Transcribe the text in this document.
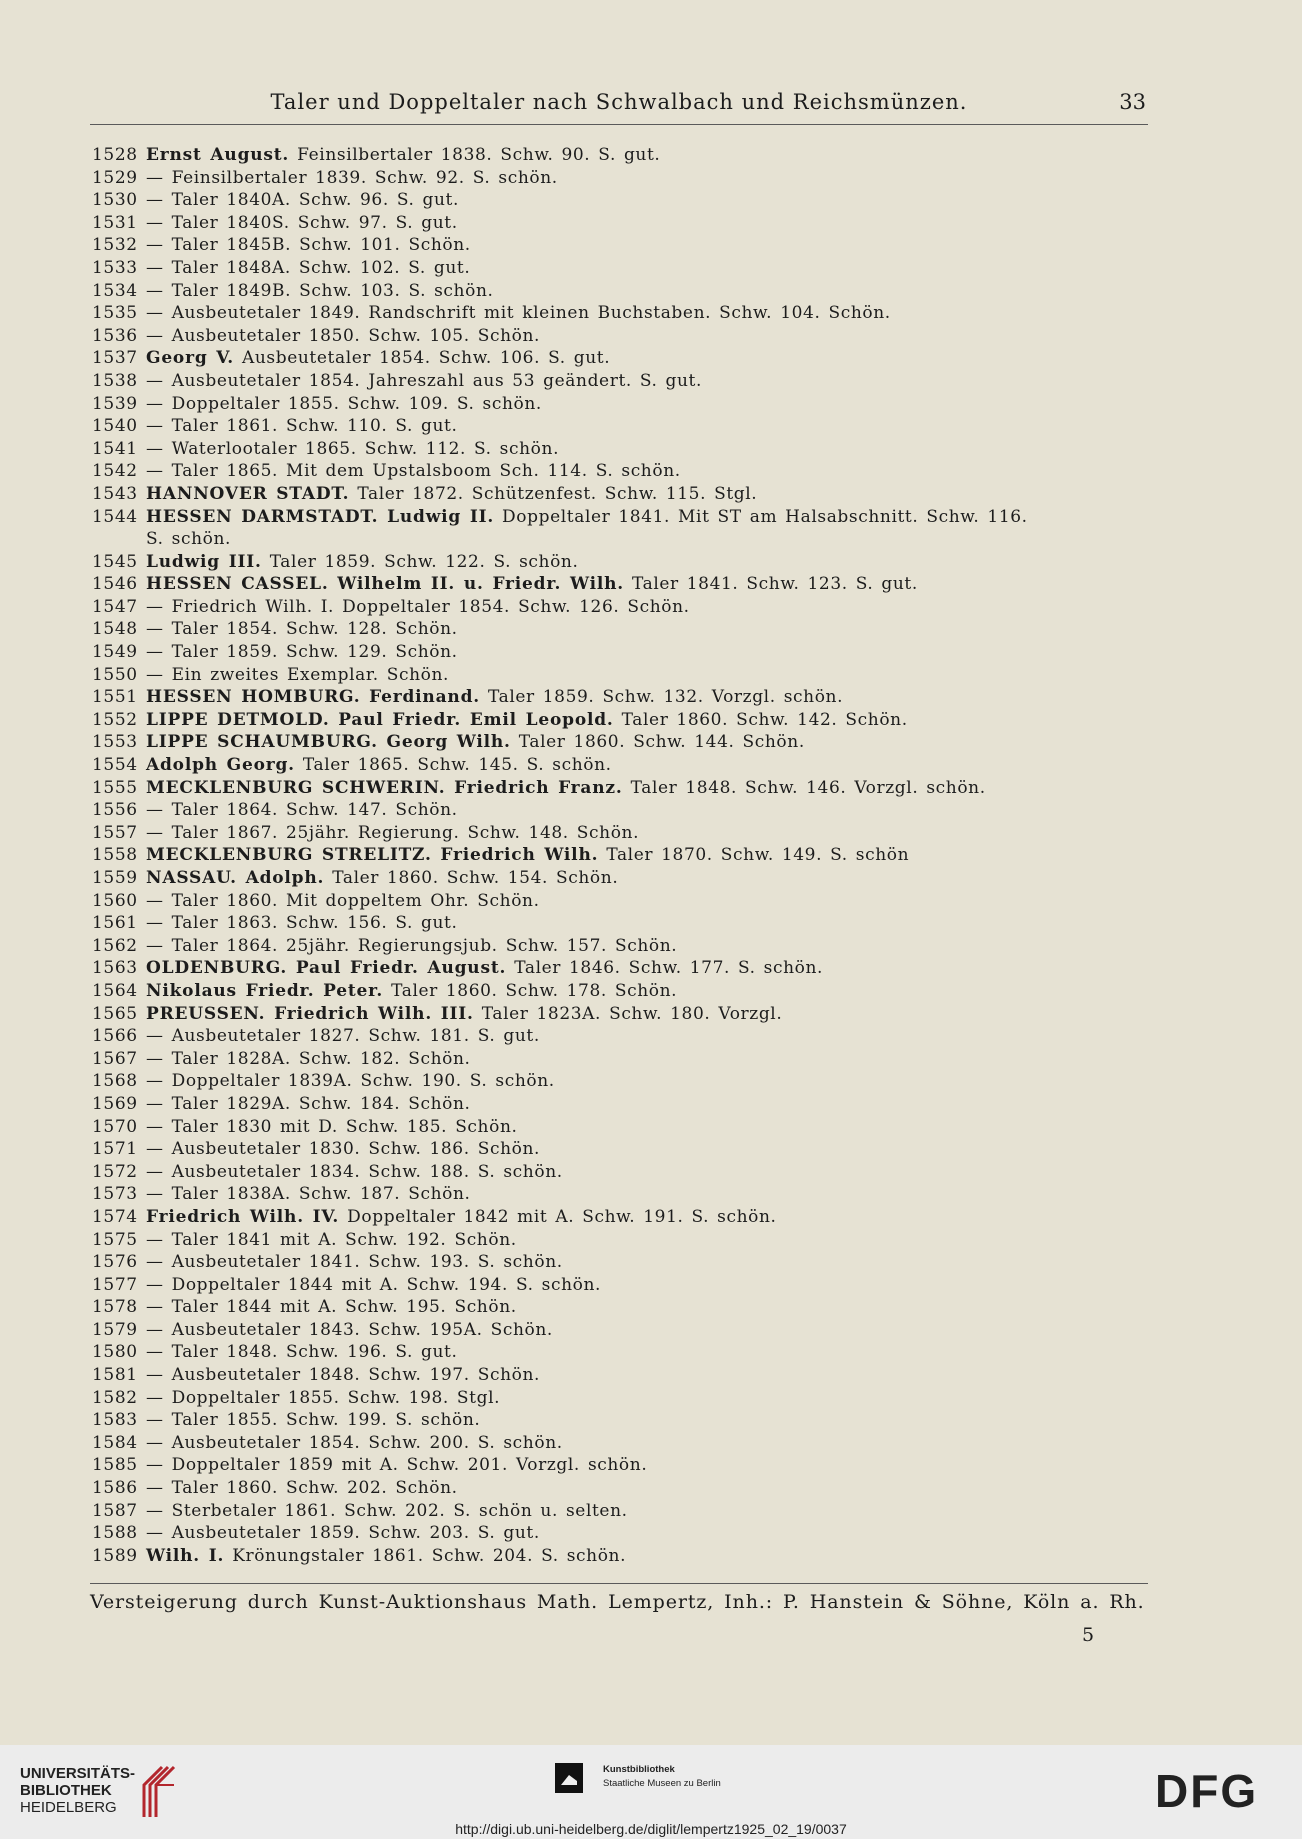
Taler und Doppeltaler nach Schwalbach und Reichsmünzen.	33
1528 Ernst August. Feinsilbertaler 1838. Schw. 90. S. gut.
1529 — Feinsilbertaler 1839. Schw. 92. S. schön.
1530 — Taler 1840A. Schw. 96. S. gut.
1531 — Taler 1840S. Schw. 97. S. gut.
1532 — Taler 1845B. Schw. 101. Schön.
1533 — Taler 1848A. Schw. 102. S. gut.
1534 — Taler 1849B. Schw. 103. S. schön.
1535 — Ausbeutetaler 1849. Randschrift mit kleinen Buchstaben. Schw. 104. Schön.
1536 — Ausbeutetaler 1850. Schw. 105. Schön.
1537 Georg V. Ausbeutetaler 1854. Schw. 106. S. gut.
1538 — Ausbeutetaler 1854. Jahreszahl aus 53 geändert. S. gut.
1539 — Doppeltaler 1855. Schw. 109. S. schön.
1540 — Taler 1861. Schw. 110. S. gut.
1541 — Waterlootaler 1865. Schw. 112. S. schön.
1542 — Taler 1865. Mit dem Upstalsboom Sch. 114. S. schön.
1543 HANNOVER STADT. Taler 1872. Schützenfest. Schw. 115. Stgl.
1544 HESSEN DARMSTADT. Ludwig II. Doppeltaler 1841. Mit ST am Halsabschnitt. Schw. 116.
S. schön.
1545 Ludwig III. Taler 1859. Schw. 122. S. schön.
1546 HESSEN CASSEL. Wilhelm II. u. Friedr. Wilh. Taler 1841. Schw. 123. S. gut.
1547 — Friedrich Wilh. I. Doppeltaler 1854. Schw. 126. Schön.
1548 — Taler 1854. Schw. 128. Schön.
1549 — Taler 1859. Schw. 129. Schön.
1550 — Ein zweites Exemplar. Schön.
1551 HESSEN HOMBURG. Ferdinand. Taler 1859. Schw. 132. Vorzgl. schön.
1552 LIPPE DETMOLD. Paul Friedr. Emil Leopold. Taler 1860. Schw. 142. Schön.
1553 LIPPE SCHAUMBURG. Georg Wilh. Taler 1860. Schw. 144. Schön.
1554 Adolph Georg. Taler 1865. Schw. 145. S. schön.
1555 MECKLENBURG SCHWERIN. Friedrich Franz. Taler 1848. Schw. 146. Vorzgl. schön.
1556 — Taler 1864. Schw. 147. Schön.
1557 — Taler 1867. 25jähr. Regierung. Schw. 148. Schön.
1558 MECKLENBURG STRELITZ. Friedrich Wilh. Taler 1870. Schw. 149. S. schön
1559 NASSAU. Adolph. Taler 1860. Schw. 154. Schön.
1560 — Taler 1860. Mit doppeltem Ohr. Schön.
1561 — Taler 1863. Schw. 156. S. gut.
1562 — Taler 1864. 25jähr. Regierungsjub. Schw. 157. Schön.
1563 OLDENBURG. Paul Friedr. August. Taler 1846. Schw. 177. S. schön.
1564 Nikolaus Friedr. Peter. Taler 1860. Schw. 178. Schön.
1565 PREUSSEN. Friedrich Wilh. III. Taler 1823A. Schw. 180. Vorzgl.
1566 — Ausbeutetaler 1827. Schw. 181. S. gut.
1567 — Taler 1828A. Schw. 182. Schön.
1568 — Doppeltaler 1839A. Schw. 190. S. schön.
1569 — Taler 1829A. Schw. 184. Schön.
1570 — Taler 1830 mit D. Schw. 185. Schön.
1571 — Ausbeutetaler 1830. Schw. 186. Schön.
1572 — Ausbeutetaler 1834. Schw. 188. S. schön.
1573 — Taler 1838A. Schw. 187. Schön.
1574 Friedrich Wilh. IV. Doppeltaler 1842 mit A. Schw. 191. S. schön.
1575 — Taler 1841 mit A. Schw. 192. Schön.
1576 — Ausbeutetaler 1841. Schw. 193. S. schön.
1577 — Doppeltaler 1844 mit A. Schw. 194. S. schön.
1578 — Taler 1844 mit A. Schw. 195. Schön.
1579 — Ausbeutetaler 1843. Schw. 195A. Schön.
1580 — Taler 1848. Schw. 196. S. gut.
1581 — Ausbeutetaler 1848. Schw. 197. Schön.
1582 — Doppeltaler 1855. Schw. 198. Stgl.
1583 — Taler 1855. Schw. 199. S. schön.
1584 — Ausbeutetaler 1854. Schw. 200. S. schön.
1585 — Doppeltaler 1859 mit A. Schw. 201. Vorzgl. schön.
1586 — Taler 1860. Schw. 202. Schön.
1587 — Sterbetaler 1861. Schw. 202. S. schön u. selten.
1588 — Ausbeutetaler 1859. Schw. 203. S. gut.
1589 Wilh. I. Krönungstaler 1861. Schw. 204. S. schön.
Versteigerung durch Kunst-Auktionshaus Math. Lempertz, Inh.: P. Hanstein & Söhne, Köln a. Rh.
5
UNIVERSITÄTS-
BIBLIOTHEK
HEIDELBERG
Kunstbibliothek
Staatliche Museen zu Berlin	DFG
http://digi.ub.uni-heidelberg.de/diglit/lempertz1925_02_19/0037
